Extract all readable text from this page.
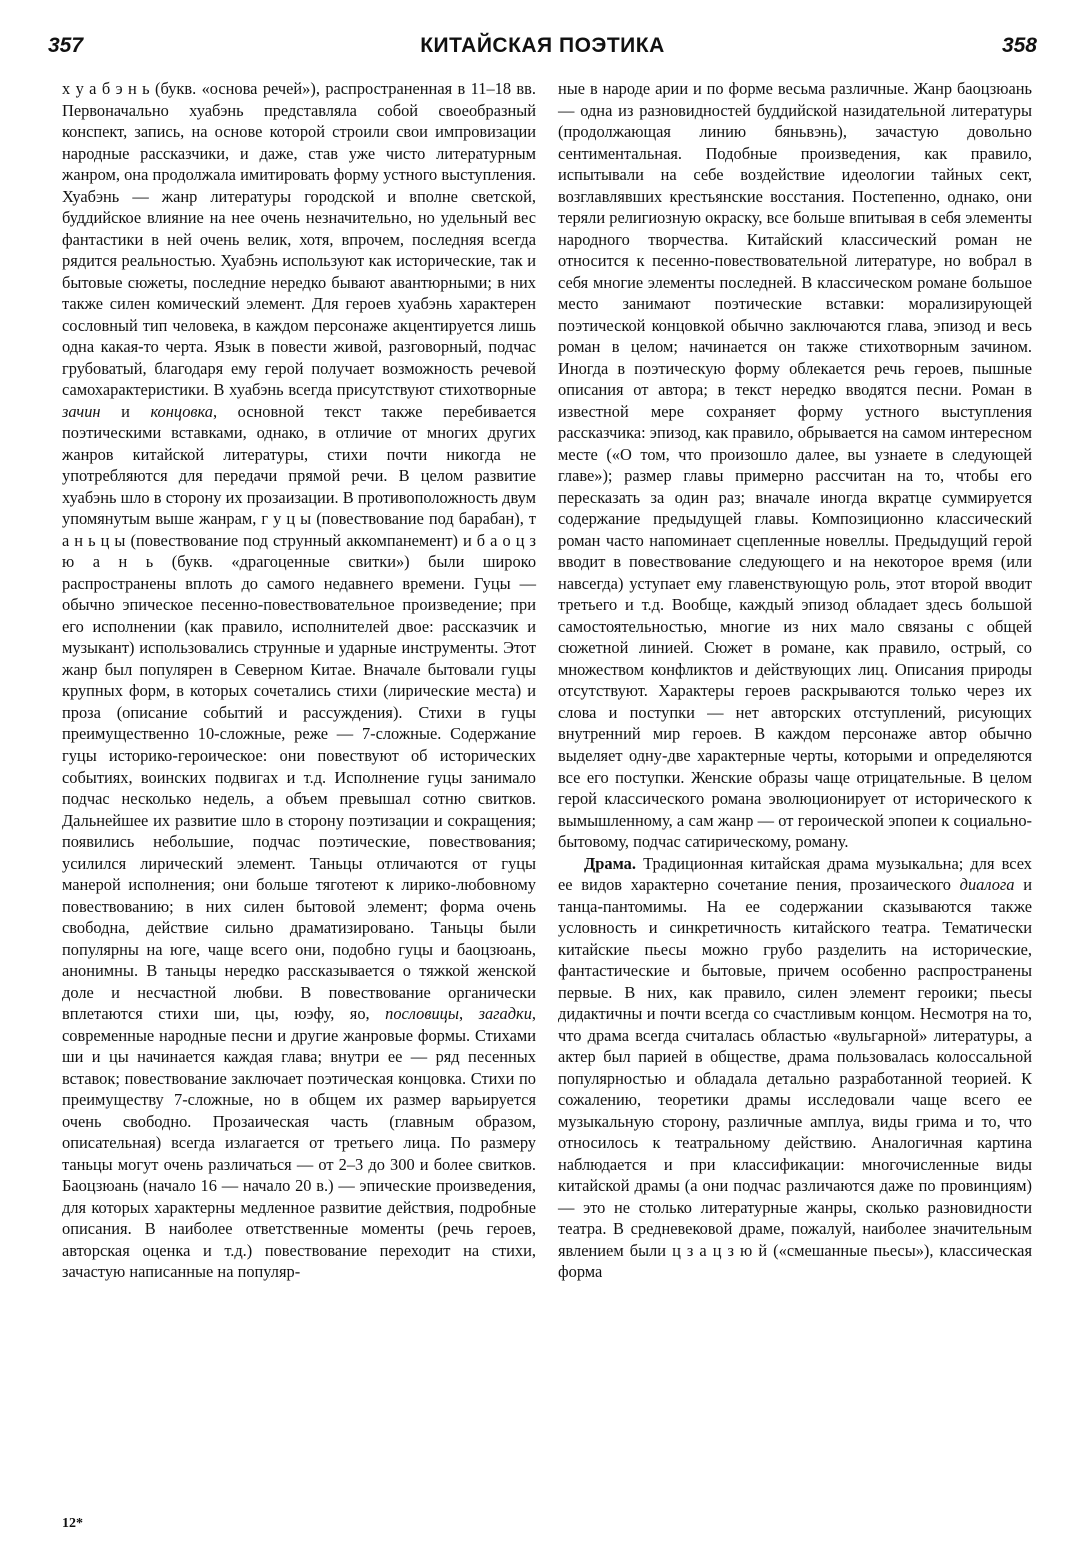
357	КИТАЙСКАЯ ПОЭТИКА	358

х у а б э н ь (букв. «основа речей»), распространенная в 11–18 вв. Первоначально хуабэнь представляла собой своеобразный конспект, запись, на основе которой строили свои импровизации народные рассказчики, и даже, став уже чисто литературным жанром, она продолжала имитировать форму устного выступления. Хуабэнь — жанр литературы городской и вполне светской, буддийское влияние на нее очень незначительно, но удельный вес фантастики в ней очень велик, хотя, впрочем, последняя всегда рядится реальностью. Хуабэнь используют как исторические, так и бытовые сюжеты, последние нередко бывают авантюрными; в них также силен комический элемент. Для героев хуабэнь характерен сословный тип человека, в каждом персонаже акцентируется лишь одна какая-то черта. Язык в повести живой, разговорный, подчас грубоватый, благодаря ему герой получает возможность речевой самохарактеристики. В хуабэнь всегда присутствуют стихотворные зачин и концовка, основной текст также перебивается поэтическими вставками, однако, в отличие от многих других жанров китайской литературы, стихи почти никогда не употребляются для передачи прямой речи. В целом развитие хуабэнь шло в сторону их прозаизации. В противоположность двум упомянутым выше жанрам, г у ц ы (повествование под барабан), т а н ь ц ы (повествование под струнный аккомпанемент) и б а о ц з ю а н ь (букв. «драгоценные свитки») были широко распространены вплоть до самого недавнего времени. Гуцы — обычно эпическое песенно-повествовательное произведение; при его исполнении (как правило, исполнителей двое: рассказчик и музыкант) использовались струнные и ударные инструменты. Этот жанр был популярен в Северном Китае. Вначале бытовали гуцы крупных форм, в которых сочетались стихи (лирические места) и проза (описание событий и рассуждения). Стихи в гуцы преимущественно 10-сложные, реже — 7-сложные. Содержание гуцы историко-героическое: они повествуют об исторических событиях, воинских подвигах и т.д. Исполнение гуцы занимало подчас несколько недель, а объем превышал сотню свитков. Дальнейшее их развитие шло в сторону поэтизации и сокращения; появились небольшие, подчас поэтические, повествования; усилился лирический элемент. Таньцы отличаются от гуцы манерой исполнения; они больше тяготеют к лирико-любовному повествованию; в них силен бытовой элемент; форма очень свободна, действие сильно драматизировано. Таньцы были популярны на юге, чаще всего они, подобно гуцы и баоцзюань, анонимны. В таньцы нередко рассказывается о тяжкой женской доле и несчастной любви. В повествование органически вплетаются стихи ши, цы, юэфу, яо, пословицы, загадки, современные народные песни и другие жанровые формы. Стихами ши и цы начинается каждая глава; внутри ее — ряд песенных вставок; повествование заключает поэтическая концовка. Стихи по преимуществу 7-сложные, но в общем их размер варьируется очень свободно. Прозаическая часть (главным образом, описательная) всегда излагается от третьего лица. По размеру таньцы могут очень различаться — от 2–3 до 300 и более свитков. Баоцзюань (начало 16 — начало 20 в.) — эпические произведения, для которых характерны медленное развитие действия, подробные описания. В наиболее ответственные моменты (речь героев, авторская оценка и т.д.) повествование переходит на стихи, зачастую написанные на популяр-

ные в народе арии и по форме весьма различные. Жанр баоцзюань — одна из разновидностей буддийской назидательной литературы (продолжающая линию бяньвэнь), зачастую довольно сентиментальная. Подобные произведения, как правило, испытывали на себе воздействие идеологии тайных сект, возглавлявших крестьянские восстания. Постепенно, однако, они теряли религиозную окраску, все больше впитывая в себя элементы народного творчества. Китайский классический роман не относится к песенно-повествовательной литературе, но вобрал в себя многие элементы последней. В классическом романе большое место занимают поэтические вставки: морализирующей поэтической концовкой обычно заключаются глава, эпизод и весь роман в целом; начинается он также стихотворным зачином. Иногда в поэтическую форму облекается речь героев, пышные описания от автора; в текст нередко вводятся песни. Роман в известной мере сохраняет форму устного выступления рассказчика: эпизод, как правило, обрывается на самом интересном месте («О том, что произошло далее, вы узнаете в следующей главе»); размер главы примерно рассчитан на то, чтобы его пересказать за один раз; вначале иногда вкратце суммируется содержание предыдущей главы. Композиционно классический роман часто напоминает сцепленные новеллы. Предыдущий герой вводит в повествование следующего и на некоторое время (или навсегда) уступает ему главенствующую роль, этот второй вводит третьего и т.д. Вообще, каждый эпизод обладает здесь большой самостоятельностью, многие из них мало связаны с общей сюжетной линией. Сюжет в романе, как правило, острый, со множеством конфликтов и действующих лиц. Описания природы отсутствуют. Характеры героев раскрываются только через их слова и поступки — нет авторских отступлений, рисующих внутренний мир героев. В каждом персонаже автор обычно выделяет одну-две характерные черты, которыми и определяются все его поступки. Женские образы чаще отрицательные. В целом герой классического романа эволюционирует от исторического к вымышленному, а сам жанр — от героической эпопеи к социально-бытовому, подчас сатирическому, роману.

Драма. Традиционная китайская драма музыкальна; для всех ее видов характерно сочетание пения, прозаического диалога и танца-пантомимы. На ее содержании сказываются также условность и синкретичность китайского театра. Тематически китайские пьесы можно грубо разделить на исторические, фантастические и бытовые, причем особенно распространены первые. В них, как правило, силен элемент героики; пьесы дидактичны и почти всегда со счастливым концом. Несмотря на то, что драма всегда считалась областью «вульгарной» литературы, а актер был парией в обществе, драма пользовалась колоссальной популярностью и обладала детально разработанной теорией. К сожалению, теоретики драмы исследовали чаще всего ее музыкальную сторону, различные амплуа, виды грима и то, что относилось к театральному действию. Аналогичная картина наблюдается и при классификации: многочисленные виды китайской драмы (а они подчас различаются даже по провинциям) — это не столько литературные жанры, сколько разновидности театра. В средневековой драме, пожалуй, наиболее значительным явлением были ц з а ц з ю й («смешанные пьесы»), классическая форма

12*
